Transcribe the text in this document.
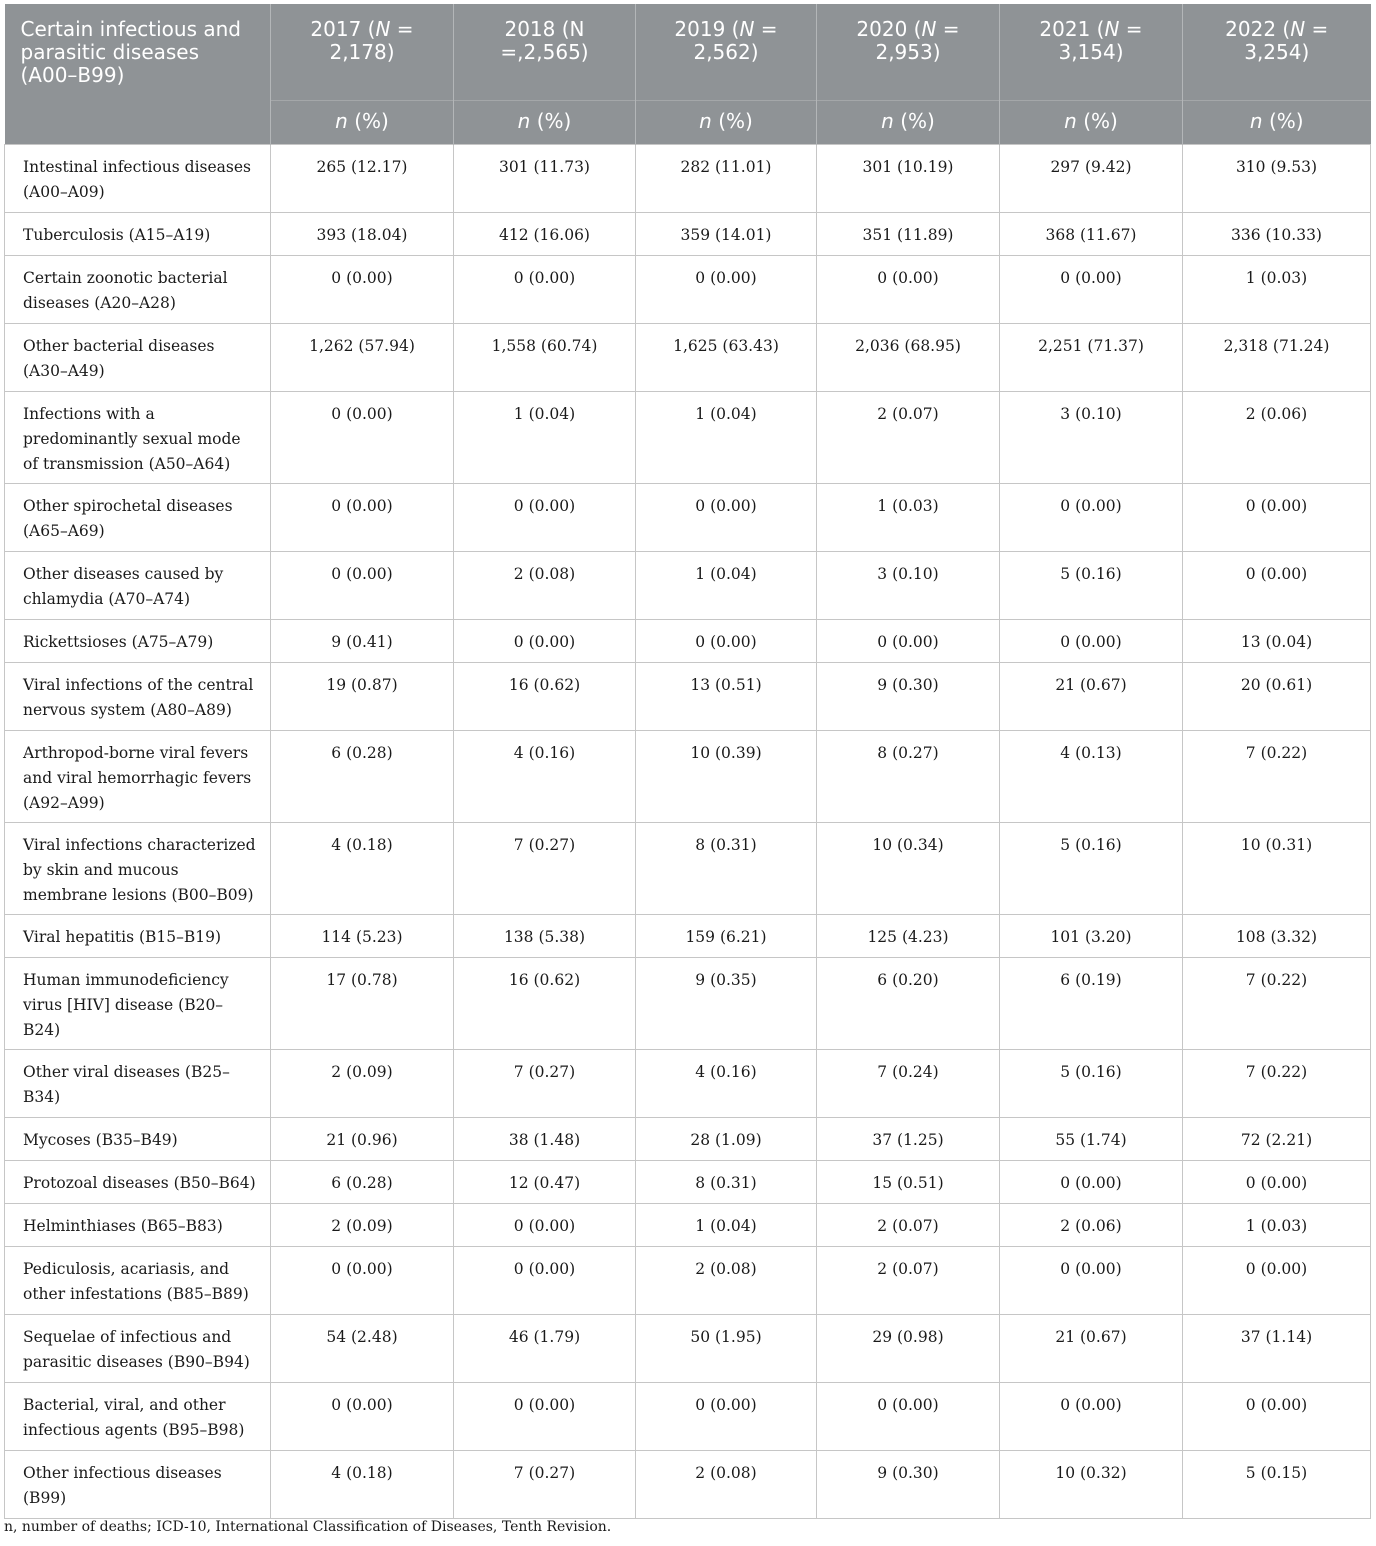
Certain infectious and parasitic diseases (A00–B99)	2017 (N = 2,178)	2018 (N =,2,565)	2019 (N = 2,562)	2020 (N = 2,953)	2021 (N = 3,154)	2022 (N = 3,254)
	n (%)	n (%)	n (%)	n (%)	n (%)	n (%)
Intestinal infectious diseases (A00–A09)	265 (12.17)	301 (11.73)	282 (11.01)	301 (10.19)	297 (9.42)	310 (9.53)
Tuberculosis (A15–A19)	393 (18.04)	412 (16.06)	359 (14.01)	351 (11.89)	368 (11.67)	336 (10.33)
Certain zoonotic bacterial diseases (A20–A28)	0 (0.00)	0 (0.00)	0 (0.00)	0 (0.00)	0 (0.00)	1 (0.03)
Other bacterial diseases (A30–A49)	1,262 (57.94)	1,558 (60.74)	1,625 (63.43)	2,036 (68.95)	2,251 (71.37)	2,318 (71.24)
Infections with a predominantly sexual mode of transmission (A50–A64)	0 (0.00)	1 (0.04)	1 (0.04)	2 (0.07)	3 (0.10)	2 (0.06)
Other spirochetal diseases (A65–A69)	0 (0.00)	0 (0.00)	0 (0.00)	1 (0.03)	0 (0.00)	0 (0.00)
Other diseases caused by chlamydia (A70–A74)	0 (0.00)	2 (0.08)	1 (0.04)	3 (0.10)	5 (0.16)	0 (0.00)
Rickettsioses (A75–A79)	9 (0.41)	0 (0.00)	0 (0.00)	0 (0.00)	0 (0.00)	13 (0.04)
Viral infections of the central nervous system (A80–A89)	19 (0.87)	16 (0.62)	13 (0.51)	9 (0.30)	21 (0.67)	20 (0.61)
Arthropod-borne viral fevers and viral hemorrhagic fevers (A92–A99)	6 (0.28)	4 (0.16)	10 (0.39)	8 (0.27)	4 (0.13)	7 (0.22)
Viral infections characterized by skin and mucous membrane lesions (B00–B09)	4 (0.18)	7 (0.27)	8 (0.31)	10 (0.34)	5 (0.16)	10 (0.31)
Viral hepatitis (B15–B19)	114 (5.23)	138 (5.38)	159 (6.21)	125 (4.23)	101 (3.20)	108 (3.32)
Human immunodeficiency virus [HIV] disease (B20–B24)	17 (0.78)	16 (0.62)	9 (0.35)	6 (0.20)	6 (0.19)	7 (0.22)
Other viral diseases (B25–B34)	2 (0.09)	7 (0.27)	4 (0.16)	7 (0.24)	5 (0.16)	7 (0.22)
Mycoses (B35–B49)	21 (0.96)	38 (1.48)	28 (1.09)	37 (1.25)	55 (1.74)	72 (2.21)
Protozoal diseases (B50–B64)	6 (0.28)	12 (0.47)	8 (0.31)	15 (0.51)	0 (0.00)	0 (0.00)
Helminthiases (B65–B83)	2 (0.09)	0 (0.00)	1 (0.04)	2 (0.07)	2 (0.06)	1 (0.03)
Pediculosis, acariasis, and other infestations (B85–B89)	0 (0.00)	0 (0.00)	2 (0.08)	2 (0.07)	0 (0.00)	0 (0.00)
Sequelae of infectious and parasitic diseases (B90–B94)	54 (2.48)	46 (1.79)	50 (1.95)	29 (0.98)	21 (0.67)	37 (1.14)
Bacterial, viral, and other infectious agents (B95–B98)	0 (0.00)	0 (0.00)	0 (0.00)	0 (0.00)	0 (0.00)	0 (0.00)
Other infectious diseases (B99)	4 (0.18)	7 (0.27)	2 (0.08)	9 (0.30)	10 (0.32)	5 (0.15)
n, number of deaths; ICD-10, International Classification of Diseases, Tenth Revision.
